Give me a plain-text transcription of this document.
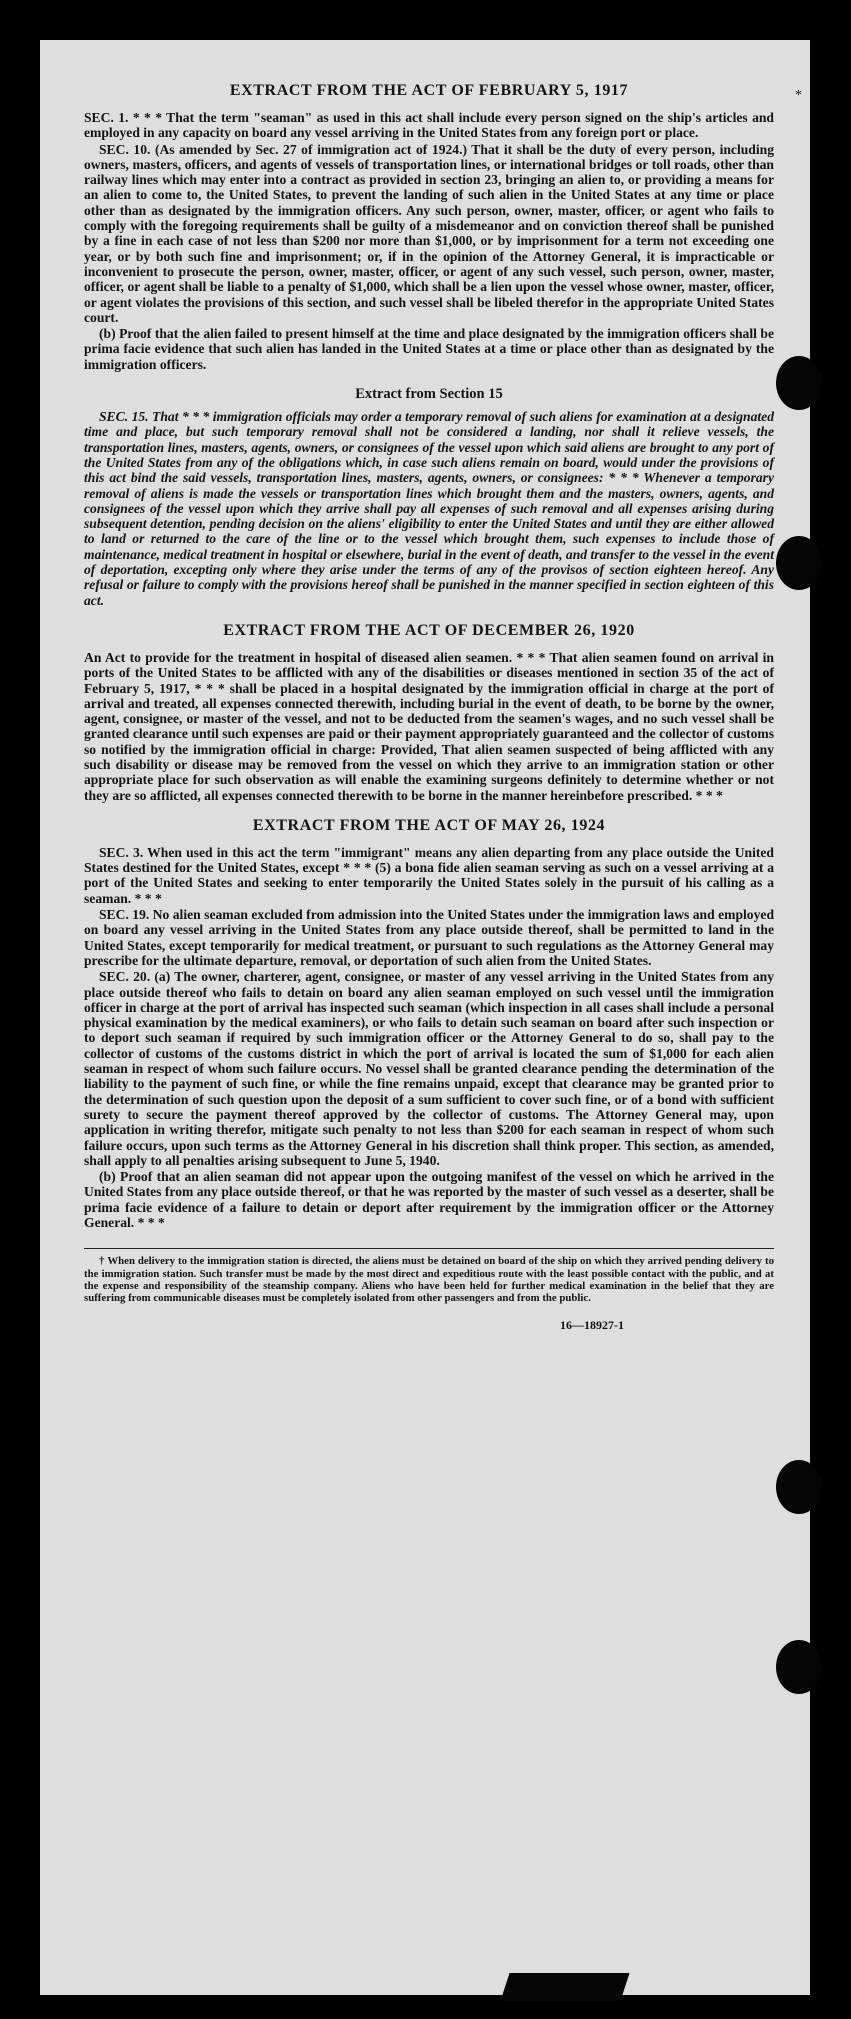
*
EXTRACT FROM THE ACT OF FEBRUARY 5, 1917

SEC. 1. * * * That the term "seaman" as used in this act shall include every person signed on the ship's articles and employed in any capacity on board any vessel arriving in the United States from any foreign port or place.

SEC. 10. (As amended by Sec. 27 of immigration act of 1924.) That it shall be the duty of every person, including owners, masters, officers, and agents of vessels of transportation lines, or international bridges or toll roads, other than railway lines which may enter into a contract as provided in section 23, bringing an alien to, or providing a means for an alien to come to, the United States, to prevent the landing of such alien in the United States at any time or place other than as designated by the immigration officers. Any such person, owner, master, officer, or agent who fails to comply with the foregoing requirements shall be guilty of a misdemeanor and on conviction thereof shall be punished by a fine in each case of not less than $200 nor more than $1,000, or by imprisonment for a term not exceeding one year, or by both such fine and imprisonment; or, if in the opinion of the Attorney General, it is impracticable or inconvenient to prosecute the person, owner, master, officer, or agent of any such vessel, such person, owner, master, officer, or agent shall be liable to a penalty of $1,000, which shall be a lien upon the vessel whose owner, master, officer, or agent violates the provisions of this section, and such vessel shall be libeled therefor in the appropriate United States court.

(b) Proof that the alien failed to present himself at the time and place designated by the immigration officers shall be prima facie evidence that such alien has landed in the United States at a time or place other than as designated by the immigration officers.

Extract from Section 15

SEC. 15. That * * * immigration officials may order a temporary removal of such aliens for examination at a designated time and place, but such temporary removal shall not be considered a landing, nor shall it relieve vessels, the transportation lines, masters, agents, owners, or consignees of the vessel upon which said aliens are brought to any port of the United States from any of the obligations which, in case such aliens remain on board, would under the provisions of this act bind the said vessels, transportation lines, masters, agents, owners, or consignees: * * * Whenever a temporary removal of aliens is made the vessels or transportation lines which brought them and the masters, owners, agents, and consignees of the vessel upon which they arrive shall pay all expenses of such removal and all expenses arising during subsequent detention, pending decision on the aliens' eligibility to enter the United States and until they are either allowed to land or returned to the care of the line or to the vessel which brought them, such expenses to include those of maintenance, medical treatment in hospital or elsewhere, burial in the event of death, and transfer to the vessel in the event of deportation, excepting only where they arise under the terms of any of the provisos of section eighteen hereof. Any refusal or failure to comply with the provisions hereof shall be punished in the manner specified in section eighteen of this act.

EXTRACT FROM THE ACT OF DECEMBER 26, 1920

An Act to provide for the treatment in hospital of diseased alien seamen. * * * That alien seamen found on arrival in ports of the United States to be afflicted with any of the disabilities or diseases mentioned in section 35 of the act of February 5, 1917, * * * shall be placed in a hospital designated by the immigration official in charge at the port of arrival and treated, all expenses connected therewith, including burial in the event of death, to be borne by the owner, agent, consignee, or master of the vessel, and not to be deducted from the seamen's wages, and no such vessel shall be granted clearance until such expenses are paid or their payment appropriately guaranteed and the collector of customs so notified by the immigration official in charge: Provided, That alien seamen suspected of being afflicted with any such disability or disease may be removed from the vessel on which they arrive to an immigration station or other appropriate place for such observation as will enable the examining surgeons definitely to determine whether or not they are so afflicted, all expenses connected therewith to be borne in the manner hereinbefore prescribed. * * *

EXTRACT FROM THE ACT OF MAY 26, 1924

SEC. 3. When used in this act the term "immigrant" means any alien departing from any place outside the United States destined for the United States, except * * * (5) a bona fide alien seaman serving as such on a vessel arriving at a port of the United States and seeking to enter temporarily the United States solely in the pursuit of his calling as a seaman. * * *

SEC. 19. No alien seaman excluded from admission into the United States under the immigration laws and employed on board any vessel arriving in the United States from any place outside thereof, shall be permitted to land in the United States, except temporarily for medical treatment, or pursuant to such regulations as the Attorney General may prescribe for the ultimate departure, removal, or deportation of such alien from the United States.

SEC. 20. (a) The owner, charterer, agent, consignee, or master of any vessel arriving in the United States from any place outside thereof who fails to detain on board any alien seaman employed on such vessel until the immigration officer in charge at the port of arrival has inspected such seaman (which inspection in all cases shall include a personal physical examination by the medical examiners), or who fails to detain such seaman on board after such inspection or to deport such seaman if required by such immigration officer or the Attorney General to do so, shall pay to the collector of customs of the customs district in which the port of arrival is located the sum of $1,000 for each alien seaman in respect of whom such failure occurs. No vessel shall be granted clearance pending the determination of the liability to the payment of such fine, or while the fine remains unpaid, except that clearance may be granted prior to the determination of such question upon the deposit of a sum sufficient to cover such fine, or of a bond with sufficient surety to secure the payment thereof approved by the collector of customs. The Attorney General may, upon application in writing therefor, mitigate such penalty to not less than $200 for each seaman in respect of whom such failure occurs, upon such terms as the Attorney General in his discretion shall think proper. This section, as amended, shall apply to all penalties arising subsequent to June 5, 1940.

(b) Proof that an alien seaman did not appear upon the outgoing manifest of the vessel on which he arrived in the United States from any place outside thereof, or that he was reported by the master of such vessel as a deserter, shall be prima facie evidence of a failure to detain or deport after requirement by the immigration officer or the Attorney General. * * *

† When delivery to the immigration station is directed, the aliens must be detained on board of the ship on which they arrived pending delivery to the immigration station. Such transfer must be made by the most direct and expeditious route with the least possible contact with the public, and at the expense and responsibility of the steamship company. Aliens who have been held for further medical examination in the belief that they are suffering from communicable diseases must be completely isolated from other passengers and from the public.

16—18927-1
